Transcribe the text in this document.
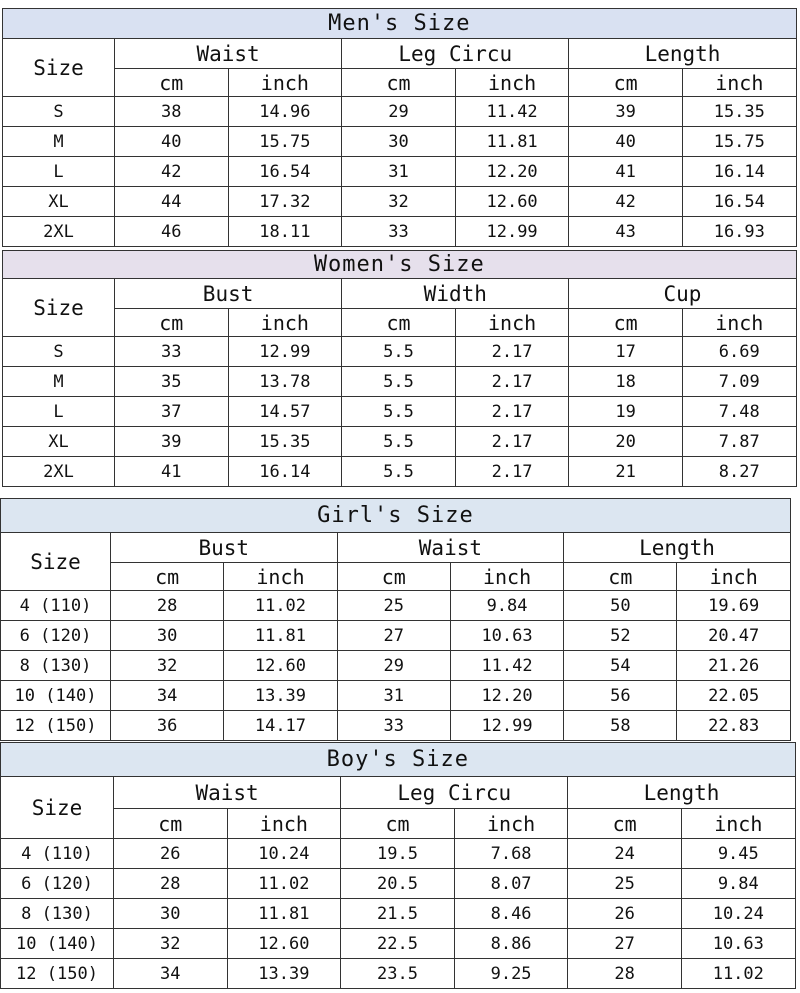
Men's Size						
Size	Waist		Leg Circu		Length	
	cm	inch	cm	inch	cm	inch
S	38	14.96	29	11.42	39	15.35
M	40	15.75	30	11.81	40	15.75
L	42	16.54	31	12.20	41	16.14
XL	44	17.32	32	12.60	42	16.54
2XL	46	18.11	33	12.99	43	16.93
Women's Size						
Size	Bust		Width		Cup	
	cm	inch	cm	inch	cm	inch
S	33	12.99	5.5	2.17	17	6.69
M	35	13.78	5.5	2.17	18	7.09
L	37	14.57	5.5	2.17	19	7.48
XL	39	15.35	5.5	2.17	20	7.87
2XL	41	16.14	5.5	2.17	21	8.27
Girl's Size						
Size	Bust		Waist		Length	
	cm	inch	cm	inch	cm	inch
4 (110)	28	11.02	25	9.84	50	19.69
6 (120)	30	11.81	27	10.63	52	20.47
8 (130)	32	12.60	29	11.42	54	21.26
10 (140)	34	13.39	31	12.20	56	22.05
12 (150)	36	14.17	33	12.99	58	22.83
Boy's Size						
Size	Waist		Leg Circu		Length	
	cm	inch	cm	inch	cm	inch
4 (110)	26	10.24	19.5	7.68	24	9.45
6 (120)	28	11.02	20.5	8.07	25	9.84
8 (130)	30	11.81	21.5	8.46	26	10.24
10 (140)	32	12.60	22.5	8.86	27	10.63
12 (150)	34	13.39	23.5	9.25	28	11.02
